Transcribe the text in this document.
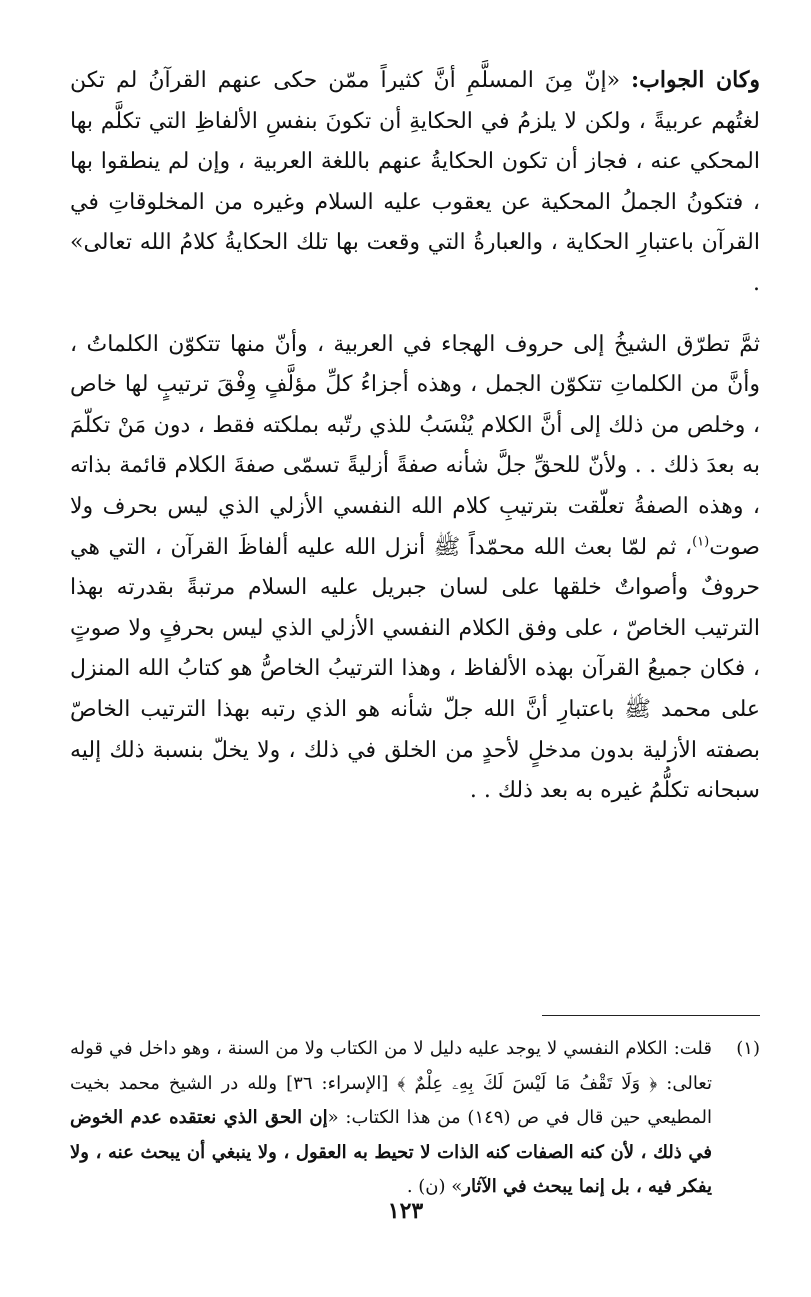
وكان الجواب: «إنّ مِنَ المسلَّمِ أنَّ كثيراً ممّن حكى عنهم القرآنُ لم تكن لغتُهم عربيةً ، ولكن لا يلزمُ في الحكايةِ أن تكونَ بنفسِ الألفاظِ التي تكلَّم بها المحكي عنه ، فجاز أن تكون الحكايةُ عنهم باللغة العربية ، وإن لم ينطقوا بها ، فتكونُ الجملُ المحكية عن يعقوب عليه السلام وغيره من المخلوقاتِ في القرآن باعتبارِ الحكاية ، والعبارةُ التي وقعت بها تلك الحكايةُ كلامُ الله تعالى» .

ثمَّ تطرّق الشيخُ إلى حروف الهجاء في العربية ، وأنّ منها تتكوّن الكلماتُ ، وأنَّ من الكلماتِ تتكوّن الجمل ، وهذه أجزاءُ كلِّ مؤلَّفٍ وِفْقَ ترتيبٍ لها خاص ، وخلص من ذلك إلى أنَّ الكلام يُنْسَبُ للذي رتّبه بملكته فقط ، دون مَنْ تكلّمَ به بعدَ ذلك . . ولأنّ للحقِّ جلَّ شأنه صفةً أزليةً تسمّى صفةَ الكلام قائمة بذاته ، وهذه الصفةُ تعلّقت بترتيبِ كلام الله النفسي الأزلي الذي ليس بحرف ولا صوت$^{(١)}$، ثم لمّا بعث الله محمّداً ﷺ أنزل الله عليه ألفاظَ القرآن ، التي هي حروفٌ وأصواتٌ خلقها على لسان جبريل عليه السلام مرتبةً بقدرته بهذا الترتيب الخاصّ ، على وفق الكلام النفسي الأزلي الذي ليس بحرفٍ ولا صوتٍ ، فكان جميعُ القرآن بهذه الألفاظ ، وهذا الترتيبُ الخاصُّ هو كتابُ الله المنزل على محمد ﷺ باعتبارِ أنَّ الله جلّ شأنه هو الذي رتبه بهذا الترتيب الخاصّ بصفته الأزلية بدون مدخلٍ لأحدٍ من الخلق في ذلك ، ولا يخلّ بنسبة ذلك إليه سبحانه تكلُّمُ غيره به بعد ذلك . .

(١)

قلت: الكلام النفسي لا يوجد عليه دليل لا من الكتاب ولا من السنة ، وهو داخل في قوله تعالى: ﴿ وَلَا تَقْفُ مَا لَيْسَ لَكَ بِهِۦ عِلْمٌ ﴾ [الإسراء: ٣٦] ولله در الشيخ محمد بخيت المطيعي حين قال في ص (١٤٩) من هذا الكتاب: «إن الحق الذي نعتقده عدم الخوض في ذلك ، لأن كنه الصفات كنه الذات لا تحيط به العقول ، ولا ينبغي أن يبحث عنه ، ولا يفكر فيه ، بل إنما يبحث في الآثار» (ن) .

١٢٣
